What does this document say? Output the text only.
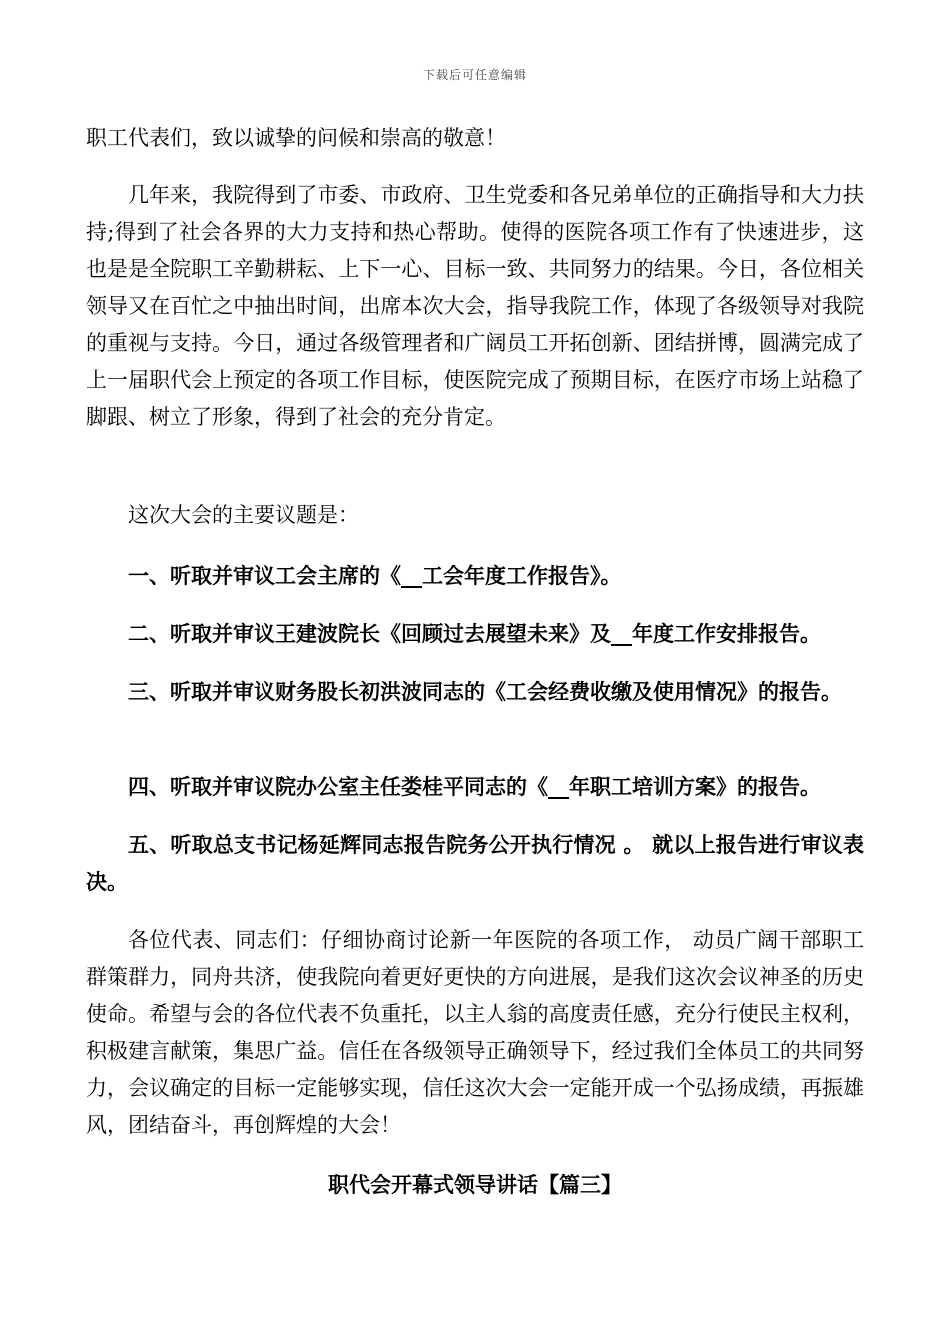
下载后可任意编辑

职工代表们，致以诚挚的问候和崇高的敬意！

几年来，我院得到了市委、市政府、卫生党委和各兄弟单位的正确指导和大力扶持;得到了社会各界的大力支持和热心帮助。使得的医院各项工作有了快速进步，这也是是全院职工辛勤耕耘、上下一心、目标一致、共同努力的结果。今日，各位相关领导又在百忙之中抽出时间，出席本次大会，指导我院工作，体现了各级领导对我院的重视与支持。今日，通过各级管理者和广阔员工开拓创新、团结拼博，圆满完成了上一届职代会上预定的各项工作目标，使医院完成了预期目标，在医疗市场上站稳了脚跟、树立了形象，得到了社会的充分肯定。

这次大会的主要议题是：

一、听取并审议工会主席的《__工会年度工作报告》。

二、听取并审议王建波院长《回顾过去展望未来》及__年度工作安排报告。

三、听取并审议财务股长初洪波同志的《工会经费收缴及使用情况》的报告。

四、听取并审议院办公室主任娄桂平同志的《__年职工培训方案》的报告。

五、听取总支书记杨延辉同志报告院务公开执行情况 。 就以上报告进行审议表决。

各位代表、同志们：仔细协商讨论新一年医院的各项工作， 动员广阔干部职工群策群力，同舟共济，使我院向着更好更快的方向进展，是我们这次会议神圣的历史使命。希望与会的各位代表不负重托，以主人翁的高度责任感，充分行使民主权利，积极建言献策，集思广益。信任在各级领导正确领导下，经过我们全体员工的共同努力，会议确定的目标一定能够实现，信任这次大会一定能开成一个弘扬成绩，再振雄风，团结奋斗，再创辉煌的大会！

职代会开幕式领导讲话【篇三】
